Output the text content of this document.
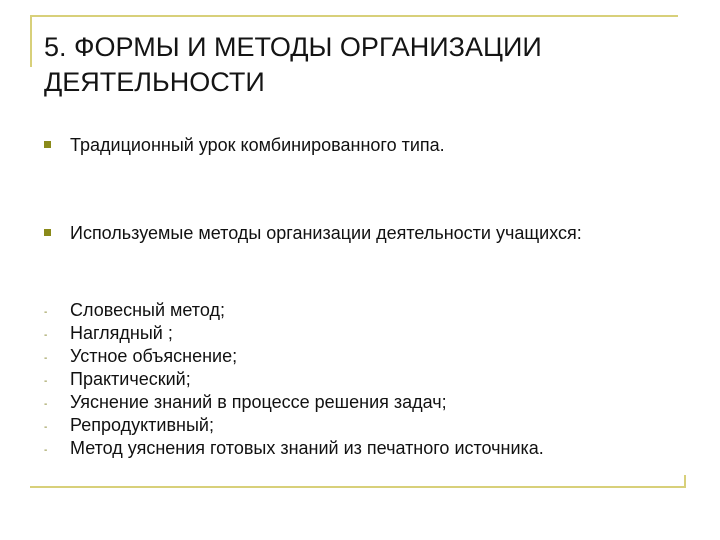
5. ФОРМЫ И МЕТОДЫ ОРГАНИЗАЦИИ ДЕЯТЕЛЬНОСТИ
Традиционный урок комбинированного типа.
Используемые методы организации деятельности учащихся:
- Словесный метод;
- Наглядный ;
- Устное объяснение;
- Практический;
- Уяснение знаний в процессе решения задач;
- Репродуктивный;
- Метод уяснения готовых знаний из печатного источника.
